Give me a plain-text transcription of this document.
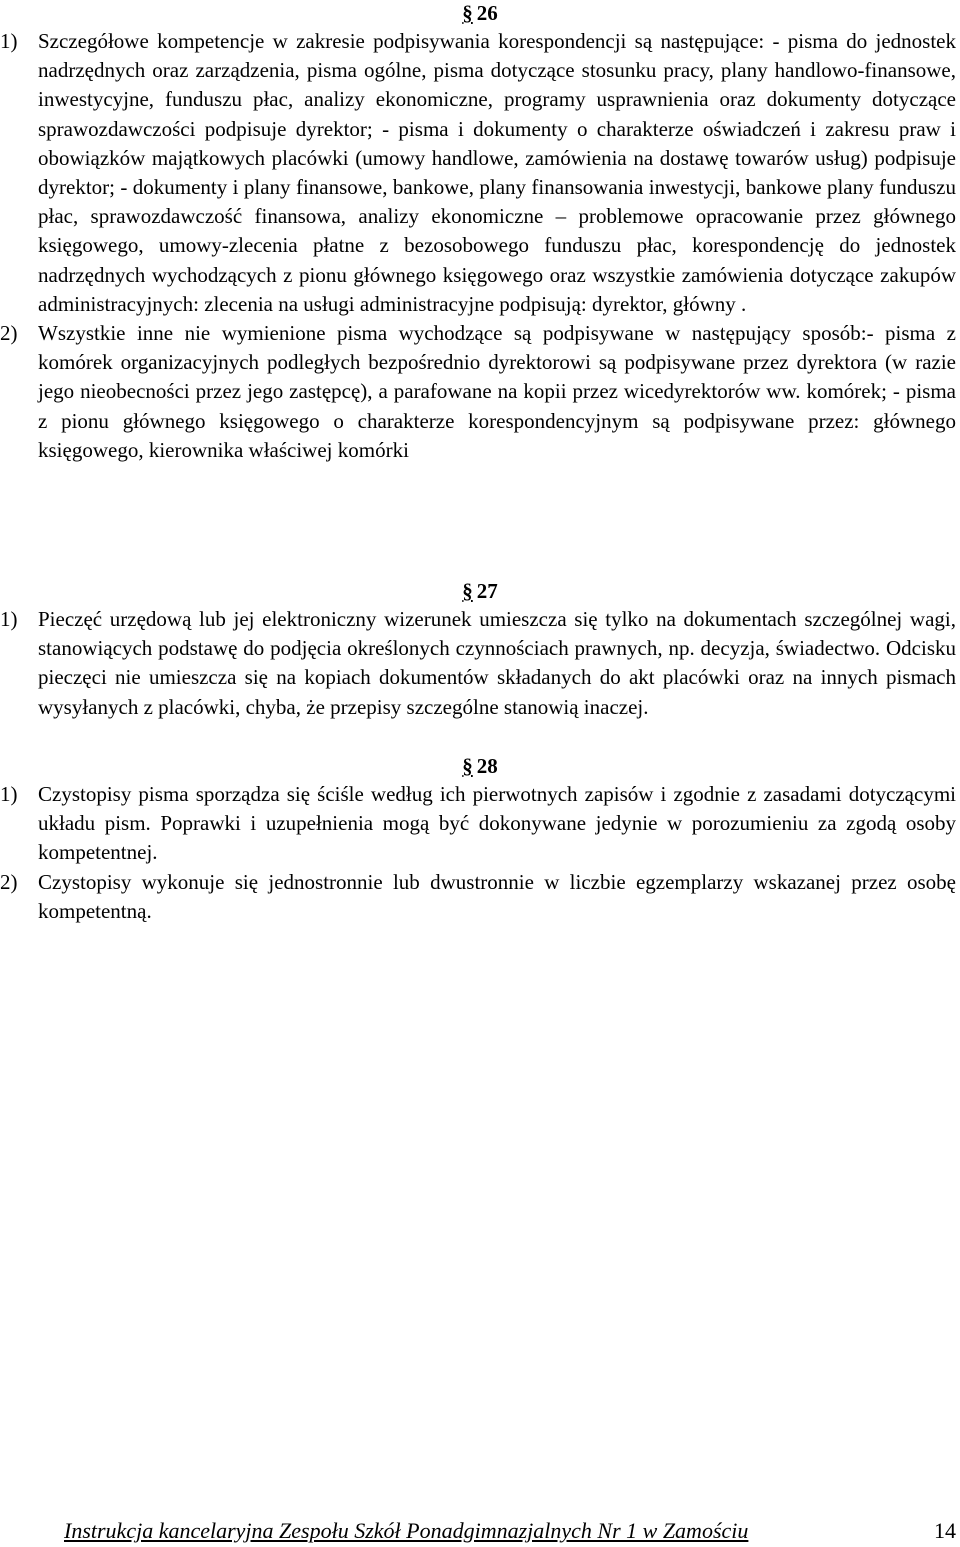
§ 26

1) Szczegółowe kompetencje w zakresie podpisywania korespondencji są następujące: - pisma do jednostek nadrzędnych oraz zarządzenia, pisma ogólne, pisma dotyczące stosunku pracy, plany handlowo-finansowe, inwestycyjne, funduszu płac, analizy ekonomiczne, programy usprawnienia oraz dokumenty dotyczące sprawozdawczości podpisuje dyrektor; - pisma i dokumenty o charakterze oświadczeń i zakresu praw i obowiązków majątkowych placówki (umowy handlowe, zamówienia na dostawę towarów usług) podpisuje dyrektor; - dokumenty i plany finansowe, bankowe, plany finansowania inwestycji, bankowe plany funduszu płac, sprawozdawczość finansowa, analizy ekonomiczne – problemowe opracowanie przez głównego księgowego, umowy-zlecenia płatne z bezosobowego funduszu płac, korespondencję do jednostek nadrzędnych wychodzących z pionu głównego księgowego oraz wszystkie zamówienia dotyczące zakupów administracyjnych: zlecenia na usługi administracyjne podpisują: dyrektor, główny .

2) Wszystkie inne nie wymienione pisma wychodzące są podpisywane w następujący sposób:- pisma z komórek organizacyjnych podległych bezpośrednio dyrektorowi są podpisywane przez dyrektora (w razie jego nieobecności przez jego zastępcę), a parafowane na kopii przez wicedyrektorów ww. komórek; - pisma z pionu głównego księgowego o charakterze korespondencyjnym są podpisywane przez: głównego księgowego, kierownika właściwej komórki

§ 27

1) Pieczęć urzędową lub jej elektroniczny wizerunek umieszcza się tylko na dokumentach szczególnej wagi, stanowiących podstawę do podjęcia określonych czynnościach prawnych, np. decyzja, świadectwo. Odcisku pieczęci nie umieszcza się na kopiach dokumentów składanych do akt placówki oraz na innych pismach wysyłanych z placówki, chyba, że przepisy szczególne stanowią inaczej.

§ 28

1) Czystopisy pisma sporządza się ściśle według ich pierwotnych zapisów i zgodnie z zasadami dotyczącymi układu pism. Poprawki i uzupełnienia mogą być dokonywane jedynie w porozumieniu za zgodą osoby kompetentnej.

2) Czystopisy wykonuje się jednostronnie lub dwustronnie w liczbie egzemplarzy wskazanej przez osobę kompetentną.

Instrukcja kancelaryjna Zespołu Szkół Ponadgimnazjalnych Nr 1 w Zamościu	14
